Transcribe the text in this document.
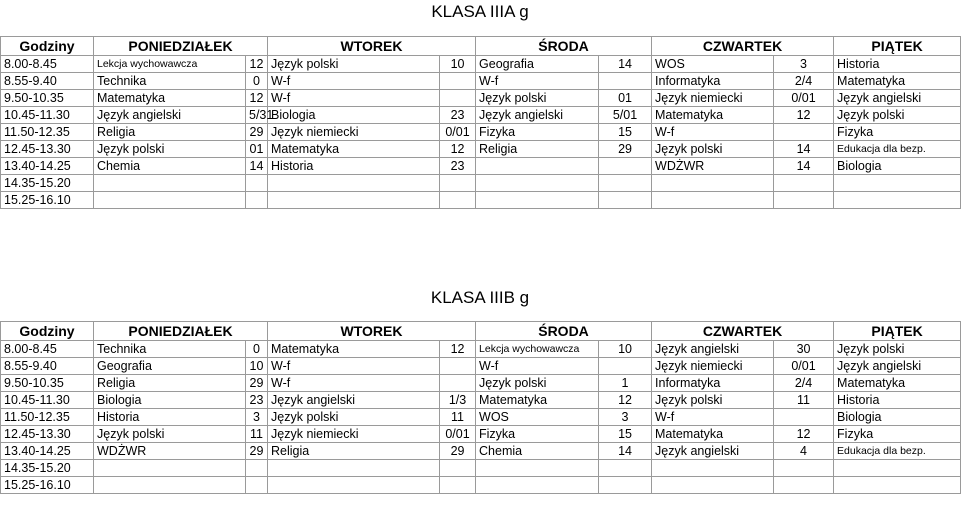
KLASA IIIA g
Godziny	PONIEDZIAŁEK		WTOREK		ŚRODA		CZWARTEK		PIĄTEK	
8.00-8.45	Lekcja wychowawcza	12	Język polski	10	Geografia	14	WOS	3	Historia	
8.55-9.40	Technika	0	W-f		W-f		Informatyka	2/4	Matematyka	
9.50-10.35	Matematyka	12	W-f		Język polski	01	Język niemiecki	0/01	Język angielski	
10.45-11.30	Język angielski	5/31	Biologia	23	Język angielski	5/01	Matematyka	12	Język polski	
11.50-12.35	Religia	29	Język niemiecki	0/01	Fizyka	15	W-f		Fizyka	
12.45-13.30	Język polski	01	Matematyka	12	Religia	29	Język polski	14	Edukacja dla bezp.	
13.40-14.25	Chemia	14	Historia	23			WDŻWR	14	Biologia	
14.35-15.20										
15.25-16.10										
KLASA IIIB g
Godziny	PONIEDZIAŁEK		WTOREK		ŚRODA		CZWARTEK		PIĄTEK	
8.00-8.45	Technika	0	Matematyka	12	Lekcja wychowawcza	10	Język angielski	30	Język polski	
8.55-9.40	Geografia	10	W-f		W-f		Język niemiecki	0/01	Język angielski	
9.50-10.35	Religia	29	W-f		Język polski	1	Informatyka	2/4	Matematyka	
10.45-11.30	Biologia	23	Język angielski	1/3	Matematyka	12	Język polski	11	Historia	
11.50-12.35	Historia	3	Język polski	11	WOS	3	W-f		Biologia	
12.45-13.30	Język polski	11	Język niemiecki	0/01	Fizyka	15	Matematyka	12	Fizyka	
13.40-14.25	WDŻWR	29	Religia	29	Chemia	14	Język angielski	4	Edukacja dla bezp.	
14.35-15.20										
15.25-16.10										
